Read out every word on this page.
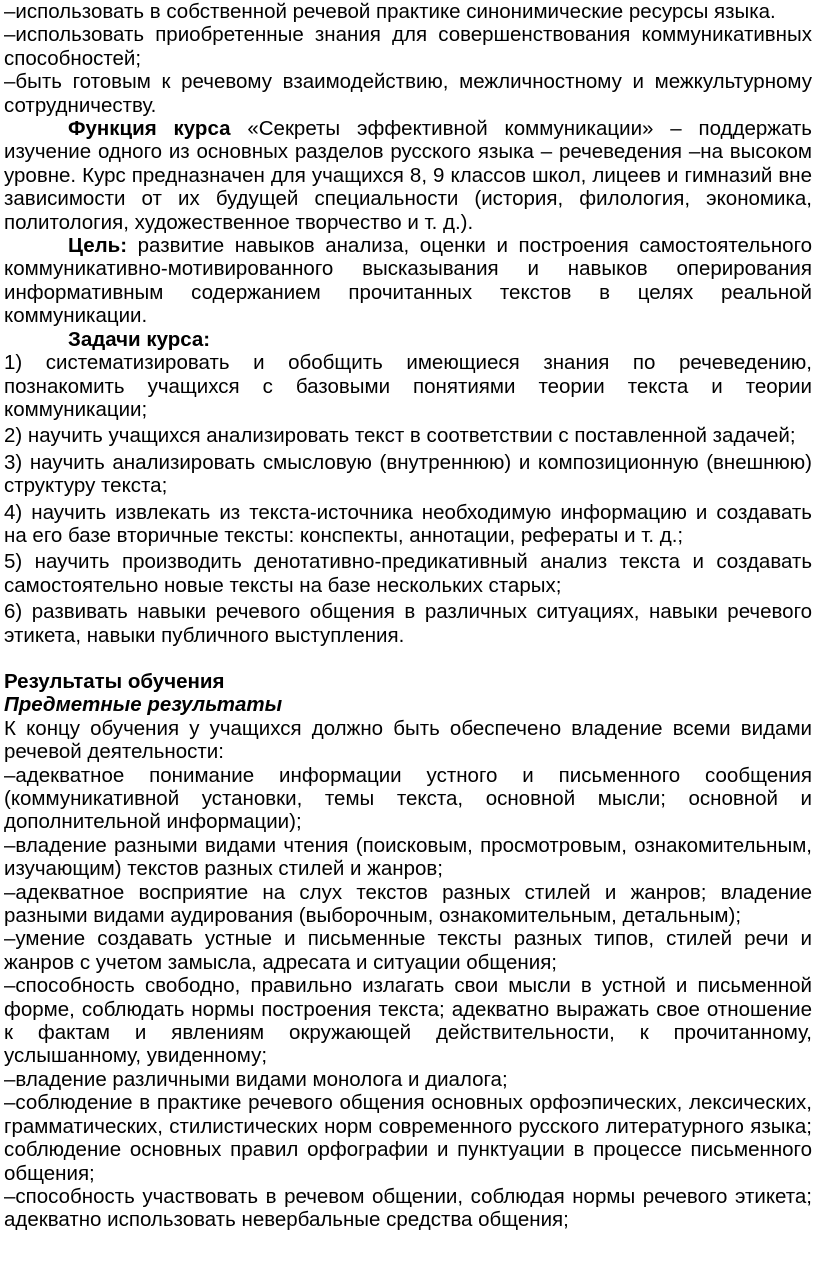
–использовать в собственной речевой практике синонимические ресурсы языка.

–использовать приобретенные знания для совершенствования коммуникативных способностей;

–быть готовым к речевому взаимодействию, межличностному и межкультурному сотрудничеству.

Функция курса «Секреты эффективной коммуникации» – поддержать изучение одного из основных разделов русского языка – речеведения –на высоком уровне. Курс предназначен для учащихся 8, 9 классов школ, лицеев и гимназий вне зависимости от их будущей специальности (история, филология, экономика, политология, художественное творчество и т. д.).

Цель: развитие навыков анализа, оценки и построения самостоятельного коммуникативно-мотивированного высказывания и навыков оперирования информативным содержанием прочитанных текстов в целях реальной коммуникации.

Задачи курса:

1) систематизировать и обобщить имеющиеся знания по речеведению, познакомить учащихся с базовыми понятиями теории текста и теории коммуникации;

2) научить учащихся анализировать текст в соответствии с поставленной задачей;

3) научить анализировать смысловую (внутреннюю) и композиционную (внешнюю) структуру текста;

4) научить извлекать из текста-источника необходимую информацию и создавать на его базе вторичные тексты: конспекты, аннотации, рефераты и т. д.;

5) научить производить денотативно-предикативный анализ текста и создавать самостоятельно новые тексты на базе нескольких старых;

6) развивать навыки речевого общения в различных ситуациях, навыки речевого этикета, навыки публичного выступления.

Результаты обучения

Предметные результаты

К концу обучения у учащихся должно быть обеспечено владение всеми видами речевой деятельности:

–адекватное понимание информации устного и письменного сообщения (коммуникативной установки, темы текста, основной мысли; основной и дополнительной информации);

–владение разными видами чтения (поисковым, просмотровым, ознакомительным, изучающим) текстов разных стилей и жанров;

–адекватное восприятие на слух текстов разных стилей и жанров; владение разными видами аудирования (выборочным, ознакомительным, детальным);

–умение создавать устные и письменные тексты разных типов, стилей речи и жанров с учетом замысла, адресата и ситуации общения;

–способность свободно, правильно излагать свои мысли в устной и письменной форме, соблюдать нормы построения текста; адекватно выражать свое отношение к фактам и явлениям окружающей действительности, к прочитанному, услышанному, увиденному;

–владение различными видами монолога и диалога;

–соблюдение в практике речевого общения основных орфоэпических, лексических, грамматических, стилистических норм современного русского литературного языка; соблюдение основных правил орфографии и пунктуации в процессе письменного общения;

–способность участвовать в речевом общении, соблюдая нормы речевого этикета; адекватно использовать невербальные средства общения;
